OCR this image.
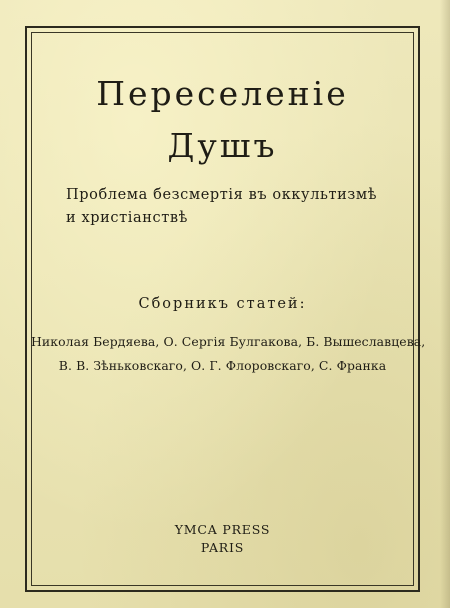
Переселенiе
Душъ
Проблема безсмертiя въ оккультизмѣ
и христiанствѣ
Сборникъ статей:
Николая Бердяева, О. Сергiя Булгакова, Б. Вышеславцева,
В. В. Зѣньковскаго, О. Г. Флоровскаго, С. Франка
YMCA PRESS
PARIS
